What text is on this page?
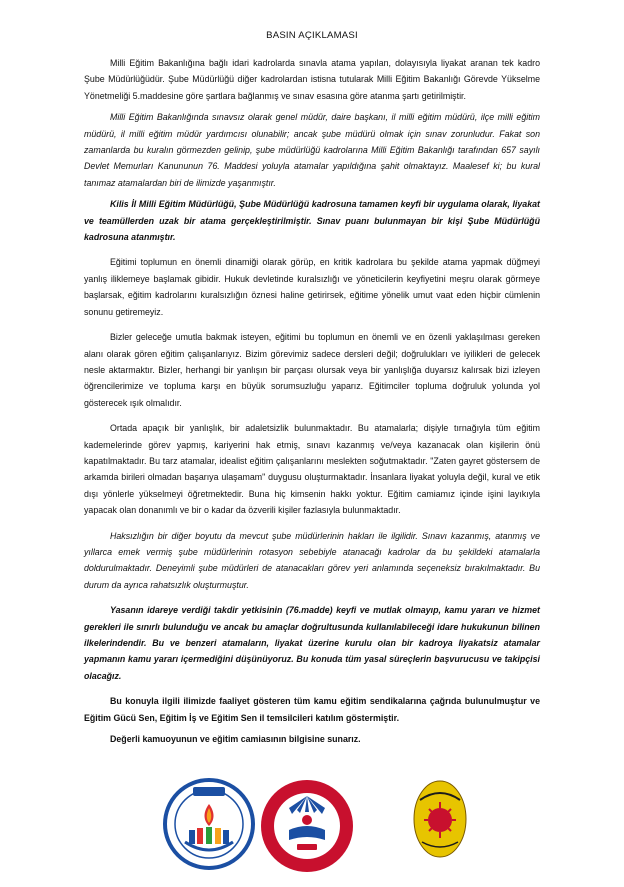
BASIN AÇIKLAMASI

Milli Eğitim Bakanlığına bağlı idari kadrolarda sınavla atama yapılan, dolayısıyla liyakat aranan tek kadro Şube Müdürlüğüdür. Şube Müdürlüğü diğer kadrolardan istisna tutularak Milli Eğitim Bakanlığı Görevde Yükselme Yönetmeliği 5.maddesine göre şartlara bağlanmış ve sınav esasına göre atanma şartı getirilmiştir.

Milli Eğitim Bakanlığında sınavsız olarak genel müdür, daire başkanı, il milli eğitim müdürü, ilçe milli eğitim müdürü, il milli eğitim müdür yardımcısı olunabilir; ancak şube müdürü olmak için sınav zorunludur. Fakat son zamanlarda bu kuralın görmezden gelinip, şube müdürlüğü kadrolarına Milli Eğitim Bakanlığı tarafından 657 sayılı Devlet Memurları Kanununun 76. Maddesi yoluyla atamalar yapıldığına şahit olmaktayız. Maalesef ki; bu kural tanımaz atamalardan biri de ilimizde yaşanmıştır.

Kilis İl Milli Eğitim Müdürlüğü, Şube Müdürlüğü kadrosuna tamamen keyfi bir uygulama olarak, liyakat ve teamüllerden uzak bir atama gerçekleştirilmiştir. Sınav puanı bulunmayan bir kişi Şube Müdürlüğü kadrosuna atanmıştır.

Eğitimi toplumun en önemli dinamiği olarak görüp, en kritik kadrolara bu şekilde atama yapmak düğmeyi yanlış iliklemeye başlamak gibidir. Hukuk devletinde kuralsızlığı ve yöneticilerin keyfiyetini meşru olarak görmeye başlarsak, eğitim kadrolarını kuralsızlığın öznesi haline getirirsek, eğitime yönelik umut vaat eden hiçbir cümlenin sonunu getiremeyiz.

Bizler geleceğe umutla bakmak isteyen, eğitimi bu toplumun en önemli ve en özenli yaklaşılması gereken alanı olarak gören eğitim çalışanlarıyız. Bizim görevimiz sadece dersleri değil; doğrulukları ve iyilikleri de gelecek nesle aktarmaktır. Bizler, herhangi bir yanlışın bir parçası olursak veya bir yanlışlığa duyarsız kalırsak bizi izleyen öğrencilerimize ve topluma karşı en büyük sorumsuzluğu yaparız. Eğitimciler topluma doğruluk yolunda yol gösterecek ışık olmalıdır.

Ortada apaçık bir yanlışlık, bir adaletsizlik bulunmaktadır. Bu atamalarla; dişiyle tırnağıyla tüm eğitim kademelerinde görev yapmış, kariyerini hak etmiş, sınavı kazanmış ve/veya kazanacak olan kişilerin önü kapatılmaktadır. Bu tarz atamalar, idealist eğitim çalışanlarını meslekten soğutmaktadır. "Zaten gayret göstersem de arkamda birileri olmadan başarıya ulaşamam" duygusu oluşturmaktadır. İnsanlara liyakat yoluyla değil, kural ve etik dışı yönlerle yükselmeyi öğretmektedir. Buna hiç kimsenin hakkı yoktur. Eğitim camiamız içinde işini layıkıyla yapacak olan donanımlı ve bir o kadar da özverili kişiler fazlasıyla bulunmaktadır.

Haksızlığın bir diğer boyutu da mevcut şube müdürlerinin hakları ile ilgilidir. Sınavı kazanmış, atanmış ve yıllarca emek vermiş şube müdürlerinin rotasyon sebebiyle atanacağı kadrolar da bu şekildeki atamalarla doldurulmaktadır. Deneyimli şube müdürleri de atanacakları görev yeri anlamında seçeneksiz bırakılmaktadır. Bu durum da ayrıca rahatsızlık oluşturmuştur.

Yasanın idareye verdiği takdir yetkisinin (76.madde) keyfi ve mutlak olmayıp, kamu yararı ve hizmet gerekleri ile sınırlı bulunduğu ve ancak bu amaçlar doğrultusunda kullanılabileceği idare hukukunun bilinen ilkelerindendir. Bu ve benzeri atamaların, liyakat üzerine kurulu olan bir kadroya liyakatsiz atamalar yapmanın kamu yararı içermediğini düşünüyoruz. Bu konuda tüm yasal süreçlerin başvurucusu ve takipçisi olacağız.

Bu konuyla ilgili ilimizde faaliyet gösteren tüm kamu eğitim sendikalarına çağrıda bulunulmuştur ve Eğitim Gücü Sen, Eğitim İş ve Eğitim Sen il temsilcileri katılım göstermiştir.

Değerli kamuoyunun ve eğitim camiasının bilgisine sunarız.
